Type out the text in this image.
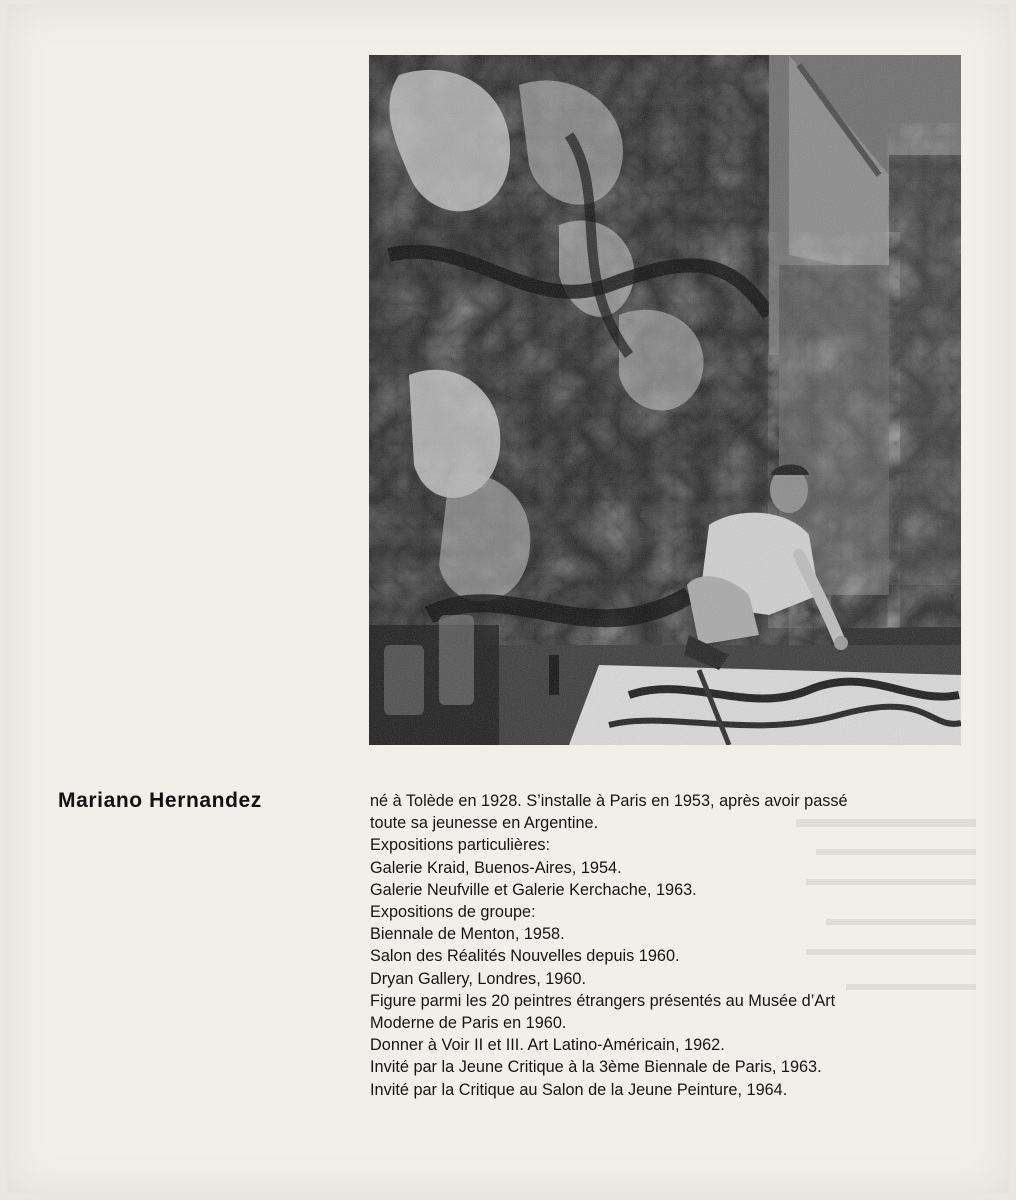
Mariano Hernandez	né à Tolède en 1928. S’installe à Paris en 1953, après avoir passé
toute sa jeunesse en Argentine.
Expositions particulières:
Galerie Kraid, Buenos-Aires, 1954.
Galerie Neufville et Galerie Kerchache, 1963.
Expositions de groupe:
Biennale de Menton, 1958.
Salon des Réalités Nouvelles depuis 1960.
Dryan Gallery, Londres, 1960.
Figure parmi les 20 peintres étrangers présentés au Musée d’Art
Moderne de Paris en 1960.
Donner à Voir II et III. Art Latino-Américain, 1962.
Invité par la Jeune Critique à la 3ème Biennale de Paris, 1963.
Invité par la Critique au Salon de la Jeune Peinture, 1964.
